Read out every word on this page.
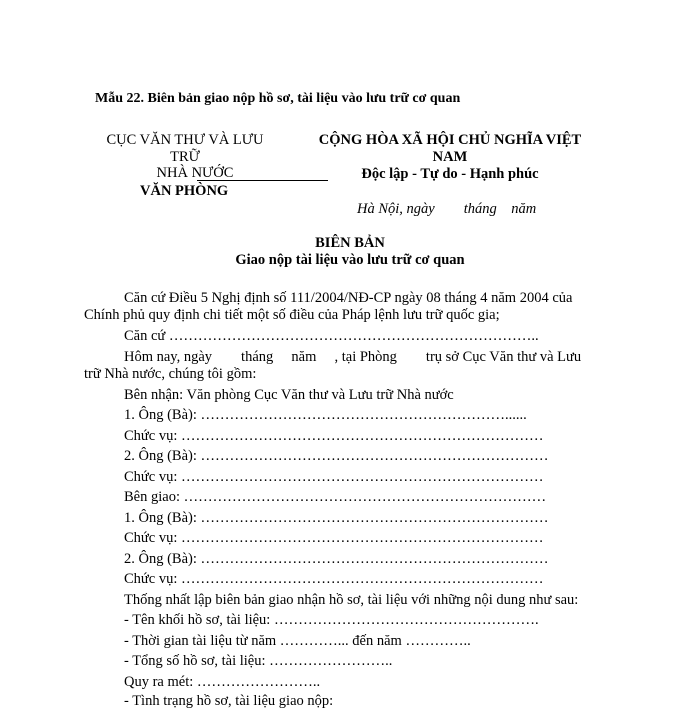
Mẫu 22. Biên bản giao nộp hồ sơ, tài liệu vào lưu trữ cơ quan
CỤC VĂN THƯ VÀ LƯU
TRỮ
NHÀ NƯỚC
VĂN PHÒNG
CỘNG HÒA XÃ HỘI CHỦ NGHĨA VIỆT
NAM
Độc lập - Tự do - Hạnh phúc
Hà Nội, ngày        tháng    năm
BIÊN BẢN
Giao nộp tài liệu vào lưu trữ cơ quan
Căn cứ Điều 5 Nghị định số 111/2004/NĐ-CP ngày 08 tháng 4 năm 2004 của
Chính phủ quy định chi tiết một số điều của Pháp lệnh lưu trữ quốc gia;
Căn cứ …………………………………………………………………..
Hôm nay, ngày        tháng     năm     , tại Phòng        trụ sở Cục Văn thư và Lưu
trữ Nhà nước, chúng tôi gồm:
Bên nhận: Văn phòng Cục Văn thư và Lưu trữ Nhà nước
1. Ông (Bà): ………………………………………………………......
Chức vụ: …………………………………………………………………
2. Ông (Bà): ………………………………………………………………
Chức vụ: …………………………………………………………………
Bên giao: …………………………………………………………………
1. Ông (Bà): ………………………………………………………………
Chức vụ: …………………………………………………………………
2. Ông (Bà): ………………………………………………………………
Chức vụ: …………………………………………………………………
Thống nhất lập biên bản giao nhận hồ sơ, tài liệu với những nội dung như sau:
- Tên khối hồ sơ, tài liệu: ……………………………………………….
- Thời gian tài liệu từ năm …………... đến năm …………..
- Tổng số hồ sơ, tài liệu: ……………………..
Quy ra mét: ……………………..
- Tình trạng hồ sơ, tài liệu giao nộp:
